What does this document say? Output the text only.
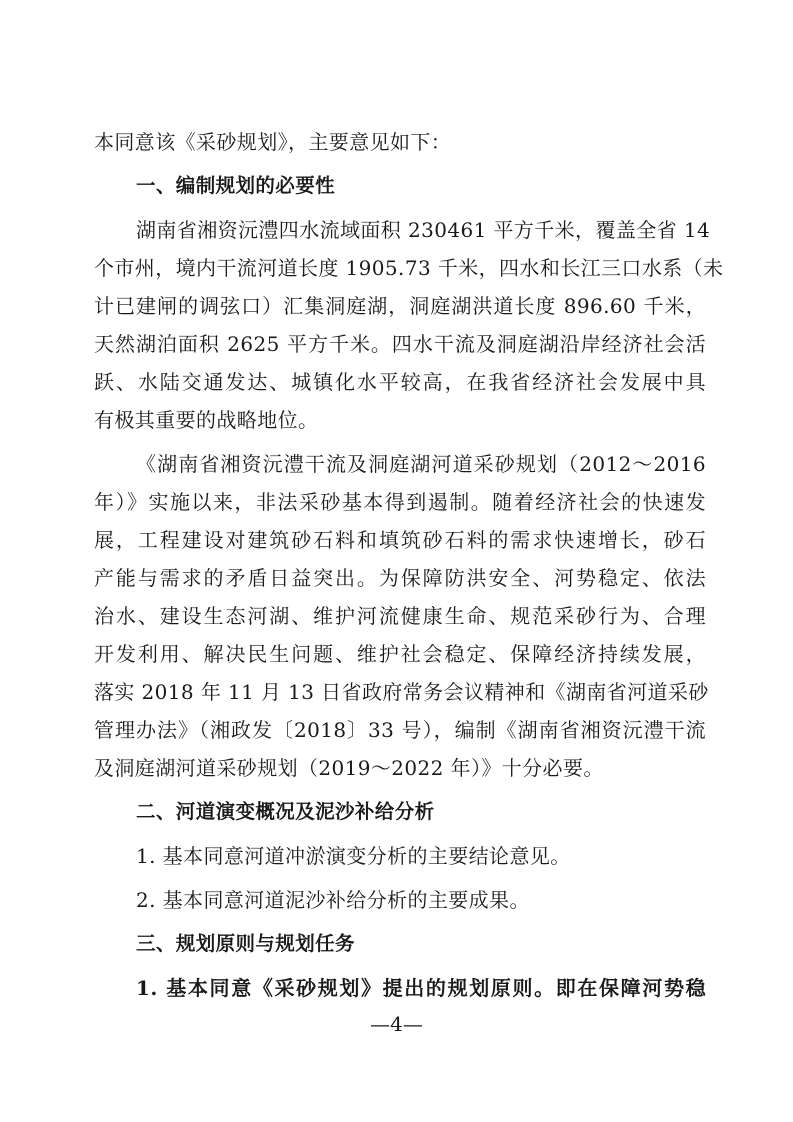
本同意该《采砂规划》，主要意见如下：
一、编制规划的必要性
湖南省湘资沅澧四水流域面积 230461 平方千米，覆盖全省 14
个市州，境内干流河道长度 1905.73 千米，四水和长江三口水系（未
计已建闸的调弦口）汇集洞庭湖，洞庭湖洪道长度 896.60 千米，
天然湖泊面积 2625 平方千米。四水干流及洞庭湖沿岸经济社会活
跃、水陆交通发达、城镇化水平较高，在我省经济社会发展中具
有极其重要的战略地位。
《湖南省湘资沅澧干流及洞庭湖河道采砂规划（2012～2016
年）》实施以来，非法采砂基本得到遏制。随着经济社会的快速发
展，工程建设对建筑砂石料和填筑砂石料的需求快速增长，砂石
产能与需求的矛盾日益突出。为保障防洪安全、河势稳定、依法
治水、建设生态河湖、维护河流健康生命、规范采砂行为、合理
开发利用、解决民生问题、维护社会稳定、保障经济持续发展，
落实 2018 年 11 月 13 日省政府常务会议精神和《湖南省河道采砂
管理办法》（湘政发〔2018〕33 号），编制《湖南省湘资沅澧干流
及洞庭湖河道采砂规划（2019～2022 年）》十分必要。
二、河道演变概况及泥沙补给分析
1. 基本同意河道冲淤演变分析的主要结论意见。
2. 基本同意河道泥沙补给分析的主要成果。
三、规划原则与规划任务
1. 基本同意《采砂规划》提出的规划原则。即在保障河势稳
—4—
